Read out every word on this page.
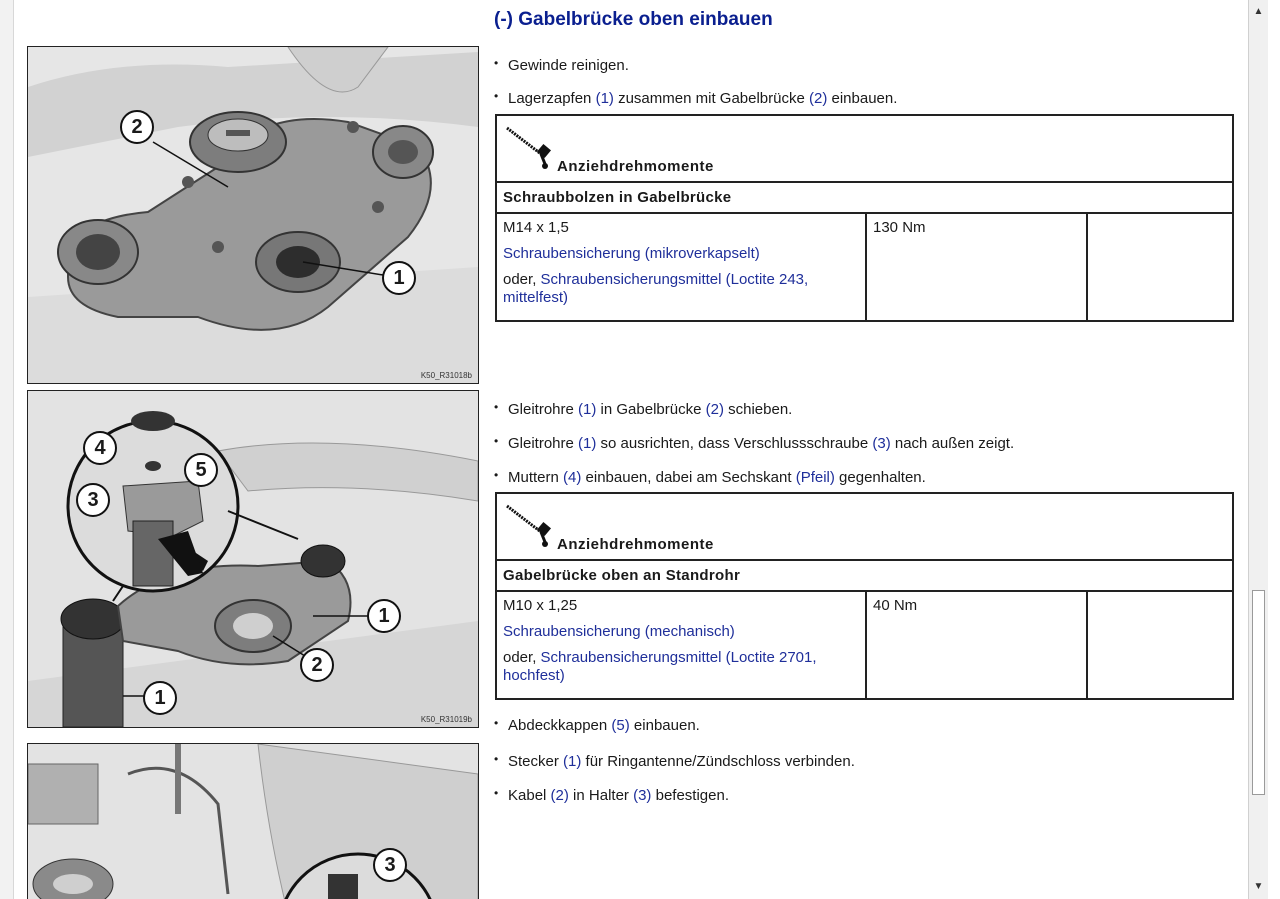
2
1
K50_R31018b
1
1
2
3
4
5
K50_R31019b
3
(-) Gabelbrücke oben einbauen
• Gewinde reinigen.
• Lagerzapfen (1) zusammen mit Gabelbrücke (2) einbauen.
Anziehdrehmomente
Schraubbolzen in Gabelbrücke
M14 x 1,5
Schraubensicherung (mikroverkapselt)
oder, Schraubensicherungsmittel (Loctite 243, mittelfest)
130 Nm
• Gleitrohre (1) in Gabelbrücke (2) schieben.
• Gleitrohre (1) so ausrichten, dass Verschlussschraube (3) nach außen zeigt.
• Muttern (4) einbauen, dabei am Sechskant (Pfeil) gegenhalten.
Anziehdrehmomente
Gabelbrücke oben an Standrohr
M10 x 1,25
Schraubensicherung (mechanisch)
oder, Schraubensicherungsmittel (Loctite 2701, hochfest)
40 Nm
• Abdeckkappen (5) einbauen.
• Stecker (1) für Ringantenne/Zündschloss verbinden.
• Kabel (2) in Halter (3) befestigen.
▲
▼
